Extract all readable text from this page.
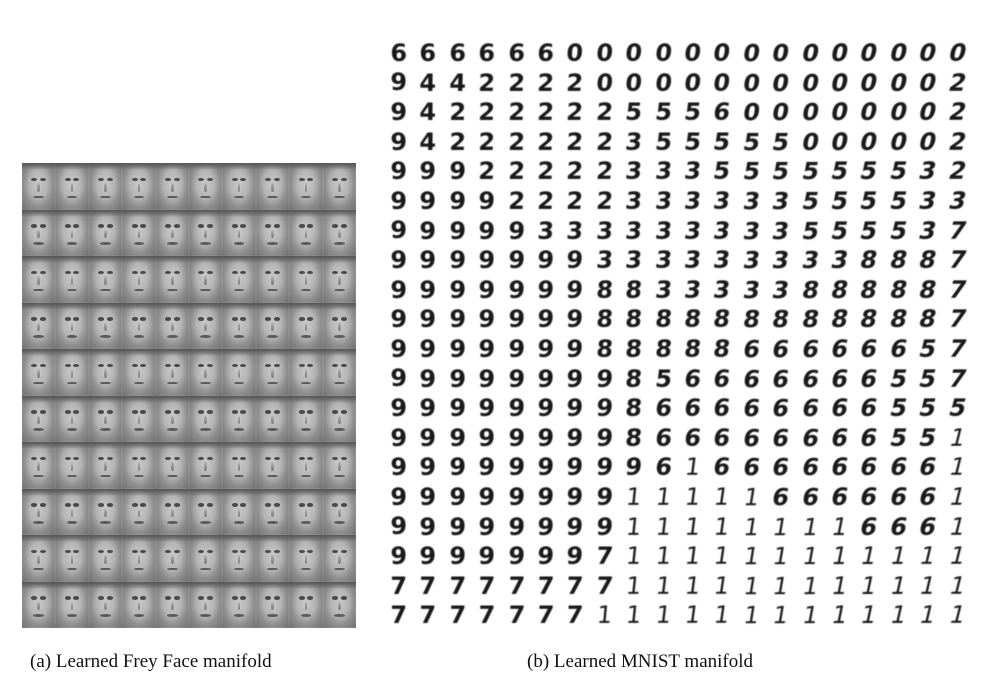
6 6 6 6 6 6 0 0 0 0 0 0 0 0 0 0 0 0 0 0
9 4 4 2 2 2 2 0 0 0 0 0 0 0 0 0 0 0 0 2
9 4 2 2 2 2 2 2 5 5 5 6 0 0 0 0 0 0 0 2
9 4 2 2 2 2 2 2 3 5 5 5 5 5 0 0 0 0 0 2
9 9 9 2 2 2 2 2 3 3 3 5 5 5 5 5 5 5 3 2
9 9 9 9 2 2 2 2 3 3 3 3 3 3 5 5 5 5 3 3
9 9 9 9 9 3 3 3 3 3 3 3 3 3 5 5 5 5 3 7
9 9 9 9 9 9 9 3 3 3 3 3 3 3 3 3 8 8 8 7
9 9 9 9 9 9 9 8 8 3 3 3 3 3 8 8 8 8 8 7
9 9 9 9 9 9 9 8 8 8 8 8 8 8 8 8 8 8 8 7
9 9 9 9 9 9 9 8 8 8 8 8 6 6 6 6 6 6 5 7
9 9 9 9 9 9 9 9 8 5 6 6 6 6 6 6 6 5 5 7
9 9 9 9 9 9 9 9 8 6 6 6 6 6 6 6 6 5 5 5
9 9 9 9 9 9 9 9 8 6 6 6 6 6 6 6 6 5 5 1
9 9 9 9 9 9 9 9 9 6 1 6 6 6 6 6 6 6 6 1
9 9 9 9 9 9 9 9 1 1 1 1 1 6 6 6 6 6 6 1
9 9 9 9 9 9 9 9 1 1 1 1 1 1 1 1 6 6 6 1
9 9 9 9 9 9 9 7 1 1 1 1 1 1 1 1 1 1 1 1
7 7 7 7 7 7 7 7 1 1 1 1 1 1 1 1 1 1 1 1
7 7 7 7 7 7 7 1 1 1 1 1 1 1 1 1 1 1 1 1
(a) Learned Frey Face manifold	(b) Learned MNIST manifold
